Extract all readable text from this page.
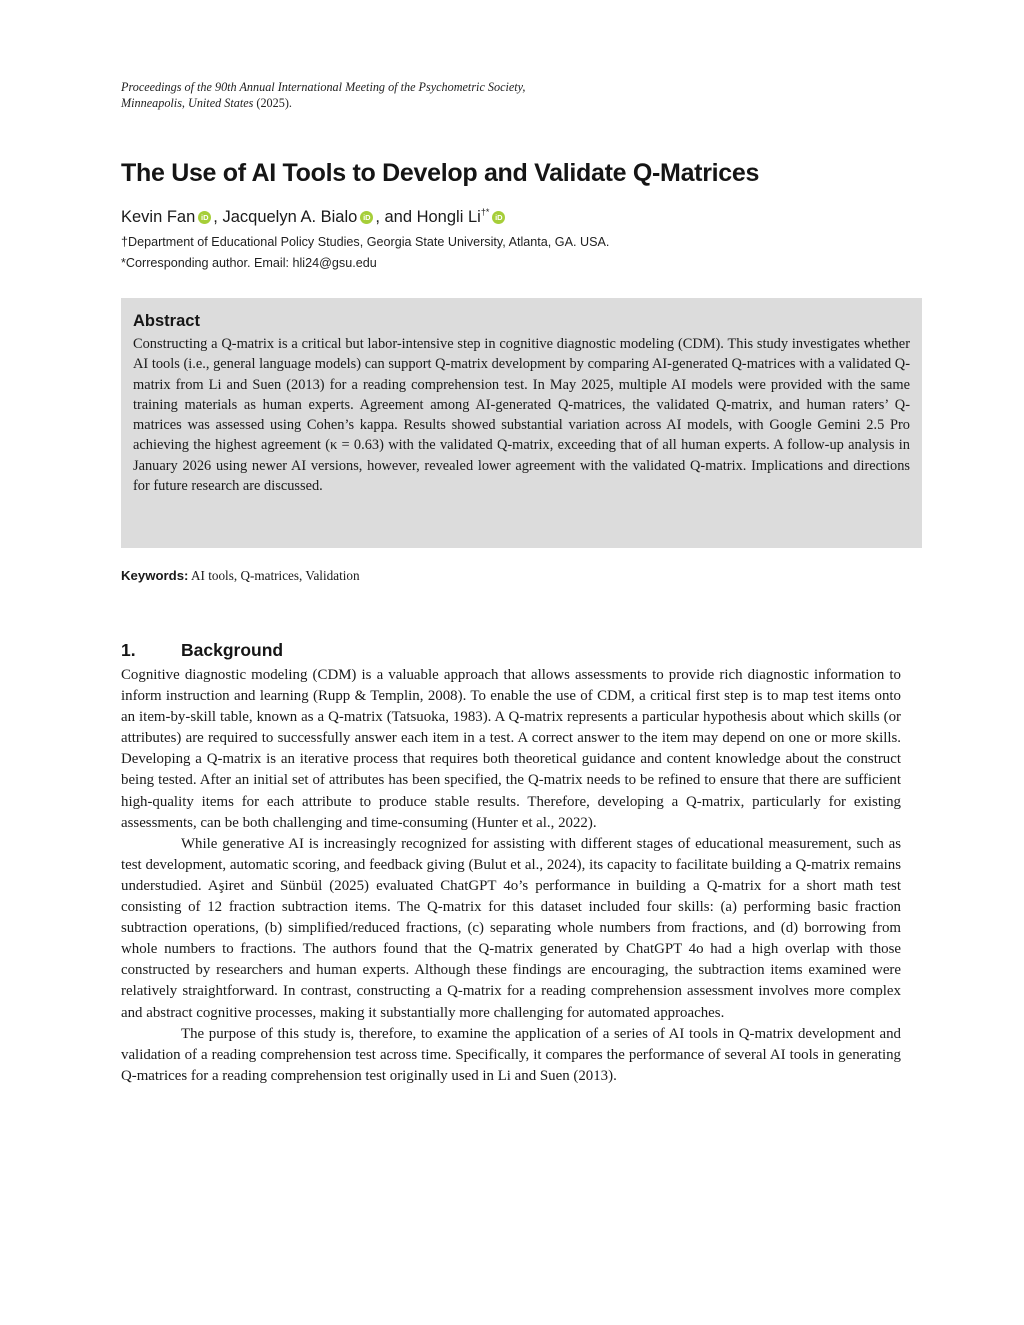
Proceedings of the 90th Annual International Meeting of the Psychometric Society, Minneapolis, United States (2025).
The Use of AI Tools to Develop and Validate Q-Matrices
Kevin Fan iD , Jacquelyn A. Bialo iD , and Hongli Li†*iD
†Department of Educational Policy Studies, Georgia State University, Atlanta, GA. USA.
*Corresponding author. Email: hli24@gsu.edu
Abstract
Constructing a Q-matrix is a critical but labor-intensive step in cognitive diagnostic modeling (CDM). This study investigates whether AI tools (i.e., general language models) can support Q-matrix development by comparing AI-generated Q-matrices with a validated Q-matrix from Li and Suen (2013) for a reading comprehension test. In May 2025, multiple AI models were provided with the same training materials as human experts. Agreement among AI-generated Q-matrices, the validated Q-matrix, and human raters’ Q-matrices was assessed using Cohen’s kappa. Results showed substantial variation across AI models, with Google Gemini 2.5 Pro achieving the highest agreement (κ = 0.63) with the validated Q-matrix, exceeding that of all human experts. A follow-up analysis in January 2026 using newer AI versions, however, revealed lower agreement with the validated Q-matrix. Implications and directions for future research are discussed.
Keywords: AI tools, Q-matrices, Validation
1.	Background

Cognitive diagnostic modeling (CDM) is a valuable approach that allows assessments to provide rich diagnostic information to inform instruction and learning (Rupp & Templin, 2008). To enable the use of CDM, a critical first step is to map test items onto an item-by-skill table, known as a Q-matrix (Tatsuoka, 1983). A Q-matrix represents a particular hypothesis about which skills (or attributes) are required to successfully answer each item in a test. A correct answer to the item may depend on one or more skills. Developing a Q-matrix is an iterative process that requires both theoretical guidance and content knowledge about the construct being tested. After an initial set of attributes has been specified, the Q-matrix needs to be refined to ensure that there are sufficient high-quality items for each attribute to produce stable results. Therefore, developing a Q-matrix, particularly for existing assessments, can be both challenging and time-consuming (Hunter et al., 2022).

While generative AI is increasingly recognized for assisting with different stages of educational measurement, such as test development, automatic scoring, and feedback giving (Bulut et al., 2024), its capacity to facilitate building a Q-matrix remains understudied. Aşiret and Sünbül (2025) evaluated ChatGPT 4o’s performance in building a Q-matrix for a short math test consisting of 12 fraction subtraction items. The Q-matrix for this dataset included four skills: (a) performing basic fraction subtraction operations, (b) simplified/reduced fractions, (c) separating whole numbers from fractions, and (d) borrowing from whole numbers to fractions. The authors found that the Q-matrix generated by ChatGPT 4o had a high overlap with those constructed by researchers and human experts. Although these findings are encouraging, the subtraction items examined were relatively straightforward. In contrast, constructing a Q-matrix for a reading comprehension assessment involves more complex and abstract cognitive processes, making it substantially more challenging for automated approaches.

The purpose of this study is, therefore, to examine the application of a series of AI tools in Q-matrix development and validation of a reading comprehension test across time. Specifically, it compares the performance of several AI tools in generating Q-matrices for a reading comprehension test originally used in Li and Suen (2013).
